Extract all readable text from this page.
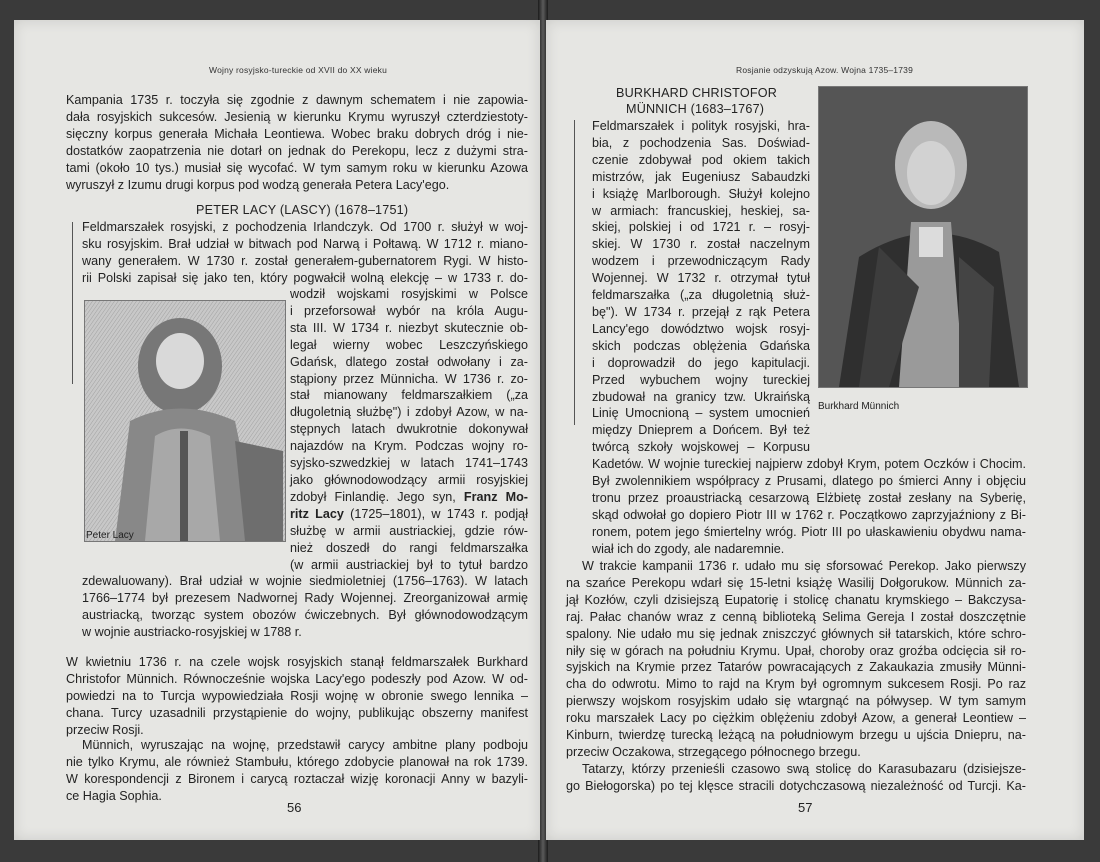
Wojny rosyjsko-tureckie od XVII do XX wieku
Kampania 1735 r. toczyła się zgodnie z dawnym schematem i nie zapowia-
dała rosyjskich sukcesów. Jesienią w kierunku Krymu wyruszył czterdziestoty-
sięczny korpus generała Michała Leontiewa. Wobec braku dobrych dróg i nie-
dostatków zaopatrzenia nie dotarł on jednak do Perekopu, lecz z dużymi stra-
tami (około 10 tys.) musiał się wycofać. W tym samym roku w kierunku Azowa
wyruszył z Izumu drugi korpus pod wodzą generała Petera Lacy'ego.
PETER LACY (LASCY) (1678–1751)
Feldmarszałek rosyjski, z pochodzenia Irlandczyk. Od 1700 r. służył w woj-
sku rosyjskim. Brał udział w bitwach pod Narwą i Połtawą. W 1712 r. miano-
wany generałem. W 1730 r. został generałem-gubernatorem Rygi. W histo-
rii Polski zapisał się jako ten, który pogwałcił wolną elekcję – w 1733 r. do-
Peter Lacy
wodził wojskami rosyjskimi w Polsce
i przeforsował wybór na króla Augu-
sta III. W 1734 r. niezbyt skutecznie ob-
legał wierny wobec Leszczyńskiego
Gdańsk, dlatego został odwołany i za-
stąpiony przez Münnicha. W 1736 r. zo-
stał mianowany feldmarszałkiem („za
długoletnią służbę") i zdobył Azow, w na-
stępnych latach dwukrotnie dokonywał
najazdów na Krym. Podczas wojny ro-
syjsko-szwedzkiej w latach 1741–1743
jako głównodowodzący armii rosyjskiej
zdobył Finlandię. Jego syn, Franz Mo-
ritz Lacy (1725–1801), w 1743 r. podjął
służbę w armii austriackiej, gdzie rów-
nież doszedł do rangi feldmarszałka
(w armii austriackiej był to tytuł bardzo
zdewaluowany). Brał udział w wojnie siedmioletniej (1756–1763). W latach
1766–1774 był prezesem Nadwornej Rady Wojennej. Zreorganizował armię
austriacką, tworząc system obozów ćwiczebnych. Był głównodowodzącym
w wojnie austriacko-rosyjskiej w 1788 r.
W kwietniu 1736 r. na czele wojsk rosyjskich stanął feldmarszałek Burkhard
Christofor Münnich. Równocześnie wojska Lacy'ego podeszły pod Azow. W od-
powiedzi na to Turcja wypowiedziała Rosji wojnę w obronie swego lennika –
chana. Turcy uzasadnili przystąpienie do wojny, publikując obszerny manifest
przeciw Rosji.
Münnich, wyruszając na wojnę, przedstawił carycy ambitne plany podboju
nie tylko Krymu, ale również Stambułu, którego zdobycie planował na rok 1739.
W korespondencji z Bironem i carycą roztaczał wizję koronacji Anny w bazyli-
ce Hagia Sophia.
56
Rosjanie odzyskują Azow. Wojna 1735–1739
BURKHARD CHRISTOFOR
MÜNNICH (1683–1767)
Feldmarszałek i polityk rosyjski, hra-
bia, z pochodzenia Sas. Doświad-
czenie zdobywał pod okiem takich
mistrzów, jak Eugeniusz Sabaudzki
i książę Marlborough. Służył kolejno
w armiach: francuskiej, heskiej, sa-
skiej, polskiej i od 1721 r. – rosyj-
skiej. W 1730 r. został naczelnym
wodzem i przewodniczącym Rady
Wojennej. W 1732 r. otrzymał tytuł
feldmarszałka („za długoletnią służ-
bę"). W 1734 r. przejął z rąk Petera
Lancy'ego dowództwo wojsk rosyj-
skich podczas oblężenia Gdańska
i doprowadził do jego kapitulacji.
Przed wybuchem wojny tureckiej
zbudował na granicy tzw. Ukraińską
Linię Umocnioną – system umocnień
między Dnieprem a Dońcem. Był też
twórcą szkoły wojskowej – Korpusu
Burkhard Münnich
Kadetów. W wojnie tureckiej najpierw zdobył Krym, potem Oczków i Chocim.
Był zwolennikiem współpracy z Prusami, dlatego po śmierci Anny i objęciu
tronu przez proaustriacką cesarzową Elżbietę został zesłany na Syberię,
skąd odwołał go dopiero Piotr III w 1762 r. Początkowo zaprzyjaźniony z Bi-
ronem, potem jego śmiertelny wróg. Piotr III po ułaskawieniu obydwu nama-
wiał ich do zgody, ale nadaremnie.
W trakcie kampanii 1736 r. udało mu się sforsować Perekop. Jako pierwszy
na szańce Perekopu wdarł się 15-letni książę Wasilij Dołgorukow. Münnich za-
jął Kozłów, czyli dzisiejszą Eupatorię i stolicę chanatu krymskiego – Bakczysa-
raj. Pałac chanów wraz z cenną biblioteką Selima Gereja I został doszczętnie
spalony. Nie udało mu się jednak zniszczyć głównych sił tatarskich, które schro-
niły się w górach na południu Krymu. Upał, choroby oraz groźba odcięcia sił ro-
syjskich na Krymie przez Tatarów powracających z Zakaukazia zmusiły Münni-
cha do odwrotu. Mimo to rajd na Krym był ogromnym sukcesem Rosji. Po raz
pierwszy wojskom rosyjskim udało się wtargnąć na półwysep. W tym samym
roku marszałek Lacy po ciężkim oblężeniu zdobył Azow, a generał Leontiew –
Kinburn, twierdzę turecką leżącą na południowym brzegu u ujścia Dniepru, na-
przeciw Oczakowa, strzegącego północnego brzegu.
Tatarzy, którzy przenieśli czasowo swą stolicę do Karasubazaru (dzisiejsze-
go Biełogorska) po tej klęsce stracili dotychczasową niezależność od Turcji. Ka-
57
